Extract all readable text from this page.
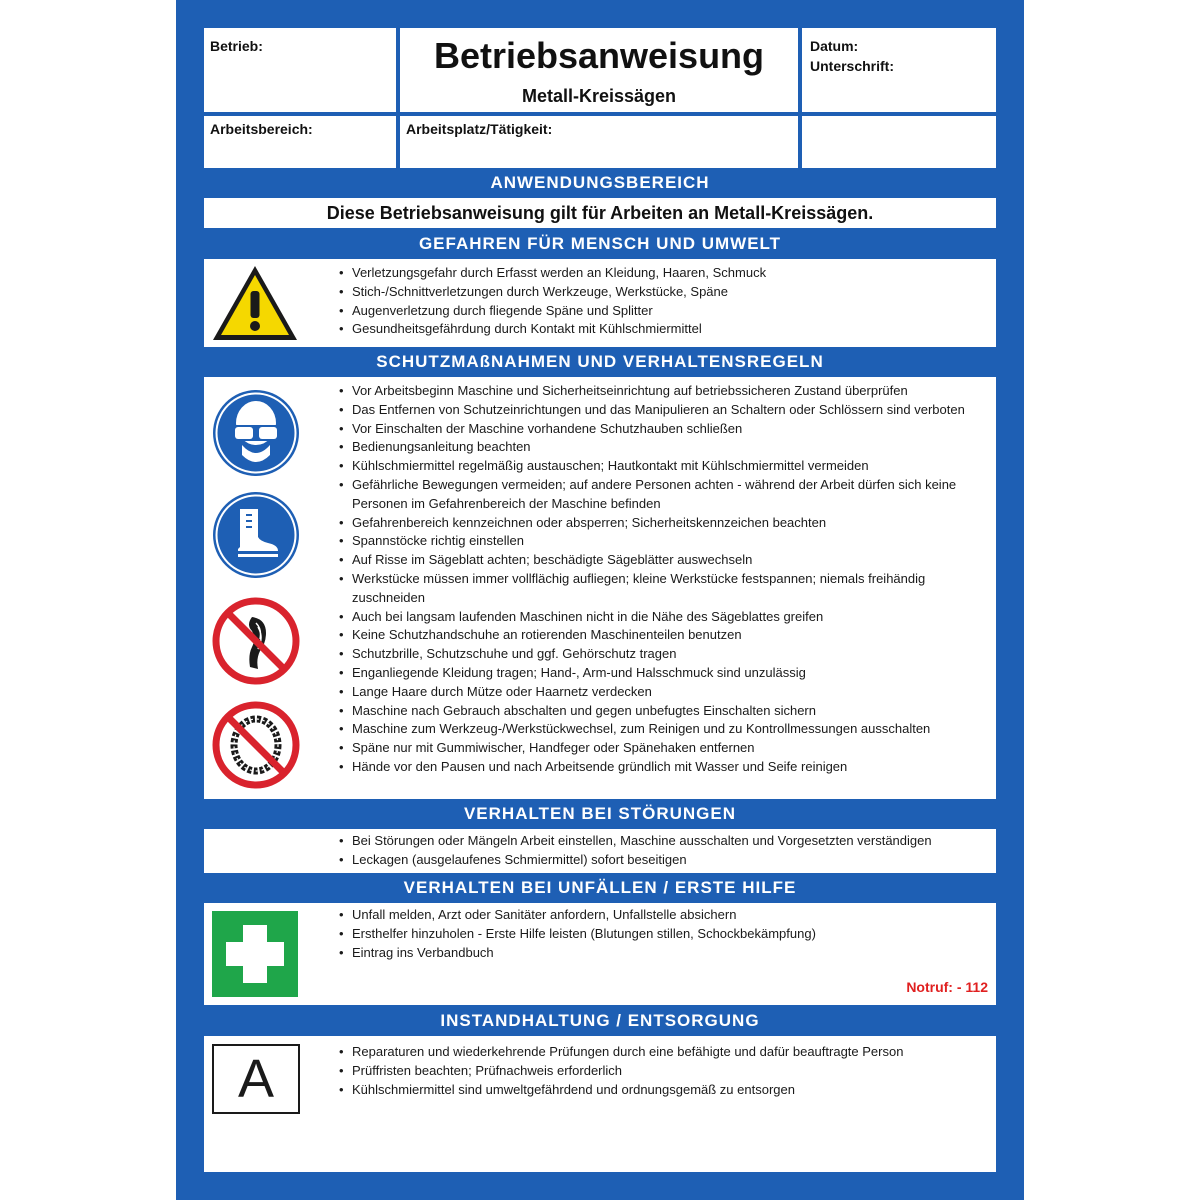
Betrieb:	Betriebsanweisung
Metall-Kreissägen
Datum:
Unterschrift:
Arbeitsbereich:	Arbeitsplatz/Tätigkeit:
ANWENDUNGSBEREICH
Diese Betriebsanweisung gilt für Arbeiten an Metall-Kreissägen.
GEFAHREN FÜR MENSCH UND UMWELT
• Verletzungsgefahr durch Erfasst werden an Kleidung, Haaren, Schmuck
• Stich-/Schnittverletzungen durch Werkzeuge, Werkstücke, Späne
• Augenverletzung durch fliegende Späne und Splitter
• Gesundheitsgefährdung durch Kontakt mit Kühlschmiermittel
SCHUTZMAßNAHMEN UND VERHALTENSREGELN
• Vor Arbeitsbeginn Maschine und Sicherheitseinrichtung auf betriebssicheren Zustand überprüfen
• Das Entfernen von Schutzeinrichtungen und das Manipulieren an Schaltern oder Schlössern sind verboten
• Vor Einschalten der Maschine vorhandene Schutzhauben schließen
• Bedienungsanleitung beachten
• Kühlschmiermittel regelmäßig austauschen; Hautkontakt mit Kühlschmiermittel vermeiden
• Gefährliche Bewegungen vermeiden; auf andere Personen achten - während der Arbeit dürfen sich keine Personen im Gefahrenbereich der Maschine befinden
• Gefahrenbereich kennzeichnen oder absperren; Sicherheitskennzeichen beachten
• Spannstöcke richtig einstellen
• Auf Risse im Sägeblatt achten; beschädigte Sägeblätter auswechseln
• Werkstücke müssen immer vollflächig aufliegen; kleine Werkstücke festspannen; niemals freihändig zuschneiden
• Auch bei langsam laufenden Maschinen nicht in die Nähe des Sägeblattes greifen
• Keine Schutzhandschuhe an rotierenden Maschinenteilen benutzen
• Schutzbrille, Schutzschuhe und ggf. Gehörschutz tragen
• Enganliegende Kleidung tragen; Hand-, Arm-und Halsschmuck sind unzulässig
• Lange Haare durch Mütze oder Haarnetz verdecken
• Maschine nach Gebrauch abschalten und gegen unbefugtes Einschalten sichern
• Maschine zum Werkzeug-/Werkstückwechsel, zum Reinigen und zu Kontrollmessungen ausschalten
• Späne nur mit Gummiwischer, Handfeger oder Spänehaken entfernen
• Hände vor den Pausen und nach Arbeitsende gründlich mit Wasser und Seife reinigen
VERHALTEN BEI STÖRUNGEN
• Bei Störungen oder Mängeln Arbeit einstellen, Maschine ausschalten und Vorgesetzten verständigen
• Leckagen (ausgelaufenes Schmiermittel) sofort beseitigen
VERHALTEN BEI UNFÄLLEN / ERSTE HILFE
• Unfall melden, Arzt oder Sanitäter anfordern, Unfallstelle absichern
• Ersthelfer hinzuholen - Erste Hilfe leisten (Blutungen stillen, Schockbekämpfung)
• Eintrag ins Verbandbuch
Notruf: - 112
INSTANDHALTUNG / ENTSORGUNG
A
•	Reparaturen und wiederkehrende Prüfungen durch eine befähigte und dafür beauftragte Person
• Prüffristen beachten; Prüfnachweis erforderlich
• Kühlschmiermittel sind umweltgefährdend und ordnungsgemäß zu entsorgen
